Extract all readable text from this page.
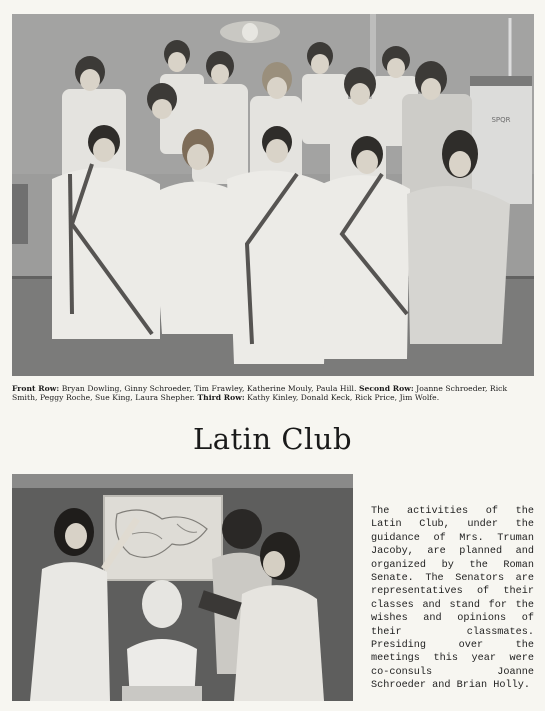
SPQR
Front Row: Bryan Dowling, Ginny Schroeder, Tim Frawley, Katherine Mouly, Paula Hill. Second Row: Joanne Schroeder, Rick Smith, Peggy Roche, Sue King, Laura Shepher. Third Row: Kathy Kinley, Donald Keck, Rick Price, Jim Wolfe.
Latin Club
The activities of the Latin Club, under the guidance of Mrs. Truman Jacoby, are planned and organized by the Roman Senate. The Senators are representatives of their classes and stand for the wishes and opinions of their classmates. Presiding over the meetings this year were co-consuls Joanne Schroeder and Brian Holly.
